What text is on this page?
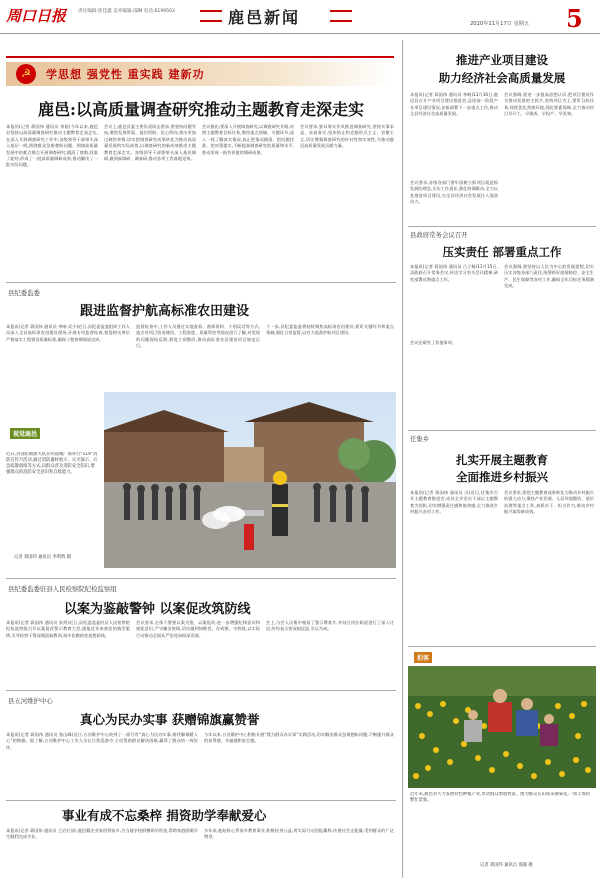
周口日报	责任编辑:崔佳鑫 美术编辑:邵琳 电话:6199503	鹿邑新闻	2020年11月17日 星期五 5
☭	学思想 强党性 重实践 建新功
鹿邑:以高质量调查研究推动主题教育走深走实
本报讯(记者 蒋国伟 通讯员 余姐)今年以来,鹿邑县坚持以高质量调查研究推动主题教育走深走实,在深入开展调查研究工作中,各级领导干部带头深入基层一线,围绕群众急难愁盼问题、围绕高质量发展中的难点堵点开展调查研究,摸清了底数,找准了症结,形成了一批高质量调研成果,推动解决了一批实际问题。
会议上,鹿邑县委主要负责同志要求,要坚持问题导向,聚焦发展所需、基层所盼、民心所向,拿出更加过硬的举措,切实把调查研究成果转化为推动高质量发展的实际成效,以调查研究的新成效推动主题教育走深走实。各级领导干部要带头深入基层调研,做到真调研、调真研,推动各项工作落地见效。
会议指出,要深入开展调查研究,以调查研究开路,对照主题教育目标任务,聚焦重点领域、关键环节,深入一线了解真实情况,真正把情况摸清、把问题找准、把对策提实,不断提高调查研究的质量和水平,推动形成一批有价值的调研成果。
会议要求,要以务实作风推进调查研究,坚持实事求是、求真务实,坚决防止和克服形式主义、官僚主义,切实增强调查研究的针对性和实效性,为推动鹿邑高质量发展贡献力量。
县纪委监委
跟进监督护航高标准农田建设
本报讯(记者 蒋国伟 通讯员 李响 武少)近日,县纪委监委组织工作人员深入全县高标准农田建设现场,开展专项监督检查,督促相关单位严格落实工程建设质量标准,确保工程按期保质完成。
监督检查中,工作人员通过实地查看、查阅资料、个别谈话等方式,重点对项目资金使用、工程进度、质量管控等情况进行了解,对发现的问题现场反馈,督促立即整改,推动高标准农田建设项目规范运行。
下一步,县纪委监委将持续聚焦高标准农田建设,紧盯关键环节和重点领域,强化日常监督,以有力监督护航项目建设。
视觉鹿邑
近日,县消防救援大队在明道城广场举行“119”消防宣传月活动,通过消防器材展示、灭火演示、应急疏散演练等方式,向群众普及消防安全知识,增强群众的消防安全意识和自救能力。
记者 蒋国伟 通讯员 李明辉 摄
县纪委监委驻县人民检察院纪检监察组
以案为鉴敲警钟 以案促改筑防线
本报讯(记者 蒋国伟 通讯员 张剑)近日,县纪委监委驻县人民检察院纪检监察组召开以案促改警示教育大会,通报近年来查处的典型案例,引导检察干警深刻汲取教训,筑牢拒腐防变思想防线。
会议要求,全体干警要以案为鉴、以案促改,进一步增强纪律意识和规矩意识,严守廉洁底线,切实做到知敬畏、存戒惧、守底线,以实际行动推动全面从严治党向纵深发展。
会上,与会人员集中观看了警示教育片,并结合岗位职责进行了深入讨论,纷纷表示要深刻反思,引以为戒。
县五河维护中心
真心为民办实事 获赠锦旗赢赞誉
本报讯(记者 蒋国伟 通讯员 张山峰)近日,五河维护中心收到了一面写有“真心为民办实事,排忧解难暖人心”的锦旗。据了解,五河维护中心工作人员在日常巡查中,主动帮助群众解决困难,赢得了群众的一致好评。
今年以来,五河维护中心积极开展“我为群众办实事”实践活动,切实解决群众急难愁盼问题,不断提升群众的获得感、幸福感和安全感。
事业有成不忘桑梓 捐资助学奉献爱心
本报讯(记者 蒋国伟 通讯员 王启)日前,鹿邑籍企业家回到家乡,为当地学校捐赠助学资金,帮助家庭困难学生顺利完成学业。
多年来,他始终心系家乡教育事业,积极投身公益,用实际行动回报桑梓,传递社会正能量,受到群众的广泛赞誉。
推进产业项目建设
助力经济社会高质量发展
本报讯(记者 蒋国伟 通讯员 李响)11月16日,鹿邑县召开产业项目建设推进会,总结前一阶段产业项目建设情况,安排部署下一步重点工作,推动全县经济社会高质量发展。
会议强调,要进一步提高思想认识,把项目建设作为推动发展的主抓手,坚持项目为王,紧盯目标任务,持续优化营商环境,强化要素保障,全力推动项目早开工、早建成、早投产、早见效。
会议要求,各级各部门要牢固树立抓项目就是抓发展的理念,压实工作责任,强化协调联动,全力以赴推进项目建设,为全县经济社会发展注入强劲动力。
县政府常务会议召开
压实责任 部署重点工作
本报讯(记者 蒋国伟 通讯员 吕子杨)11月15日,县政府召开常务会议,传达学习有关会议精神,研究部署近期重点工作。
会议强调,要坚持以人民为中心的发展思想,切实压实各级各部门责任,统筹抓好疫情防控、安全生产、民生保障等各项工作,确保全年目标任务圆满完成。
会议还研究了其他事项。
任集乡
扎实开展主题教育
全面推进乡村振兴
本报讯(记者 蒋国伟 通讯员 冯)近日,任集乡召开主题教育推进会,动员全乡党员干部以主题教育为契机,切实增强责任感和使命感,全力推进乡村振兴各项工作。
会议要求,要把主题教育成果转化为推动乡村振兴的强大动力,聚焦产业发展、人居环境整治、基层治理等重点工作,真抓实干、担当作为,推动乡村振兴取得新成效。
拍客
近年来,鹿邑县大力发展特色种植产业,带动群众增收致富。图为群众在田间采摘菊花,一派丰收的繁忙景象。
记者 蒋国伟 通讯员 邵强 摄
